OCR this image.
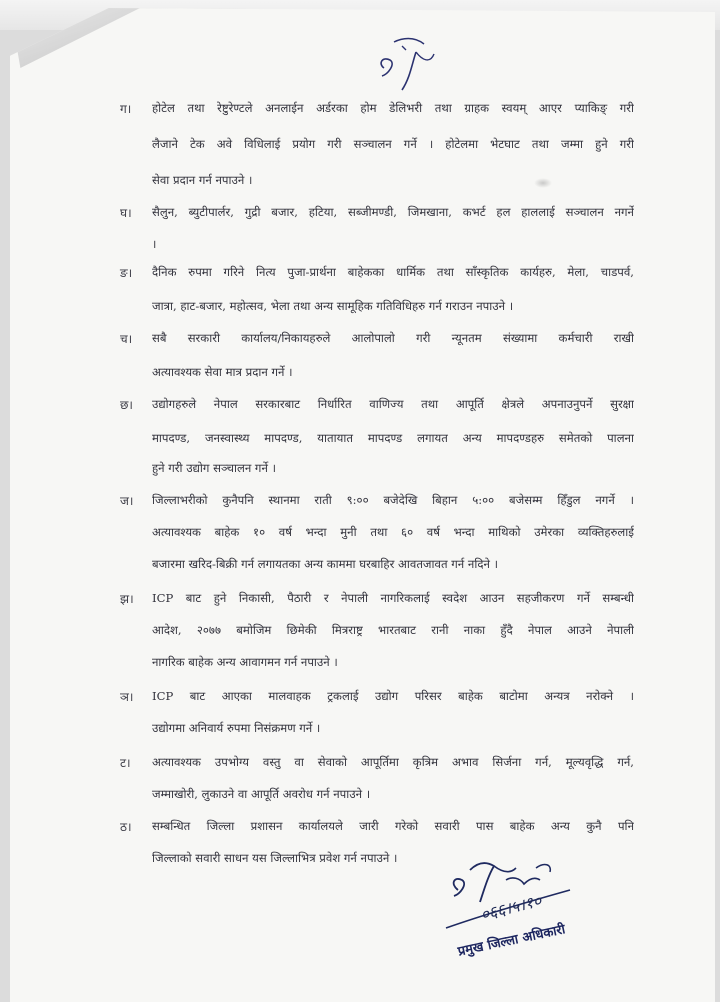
ग। होटेल तथा रेष्टुरेण्टले अनलाईन अर्डरका होम डेलिभरी तथा ग्राहक स्वयम् आएर प्याकिङ् गरी
लैजाने टेक अवे विधिलाई प्रयोग गरी सञ्चालन गर्ने । होटेलमा भेटघाट तथा जम्मा हुने गरी
सेवा प्रदान गर्न नपाउने ।
घ। सैलुन, ब्युटीपार्लर, गुद्री बजार, हटिया, सब्जीमण्डी, जिमखाना, कभर्ट हल हाललाई सञ्चालन नगर्ने
।
ङ। दैनिक रुपमा गरिने नित्य पुजा-प्रार्थना बाहेकका धार्मिक तथा साँस्कृतिक कार्यहरु, मेला, चाडपर्व,
जात्रा, हाट-बजार, महोत्सव, भेला तथा अन्य सामूहिक गतिविधिहरु गर्न गराउन नपाउने ।
च। सबै सरकारी कार्यालय/निकायहरुले आलोपालो गरी न्यूनतम संख्यामा कर्मचारी राखी
अत्यावश्यक सेवा मात्र प्रदान गर्ने ।
छ। उद्योगहरुले नेपाल सरकारबाट निर्धारित वाणिज्य तथा आपूर्ति क्षेत्रले अपनाउनुपर्ने सुरक्षा
मापदण्ड, जनस्वास्थ्य मापदण्ड, यातायात मापदण्ड लगायत अन्य मापदण्डहरु समेतको पालना
हुने गरी उद्योग सञ्चालन गर्ने ।
ज। जिल्लाभरीको कुनैपनि स्थानमा राती ९:०० बजेदेखि बिहान ५:०० बजेसम्म हिँडुल नगर्ने ।
अत्यावश्यक बाहेक १० वर्ष भन्दा मुनी तथा ६० वर्ष भन्दा माथिको उमेरका व्यक्तिहरुलाई
बजारमा खरिद-बिक्री गर्न लगायतका अन्य काममा घरबाहिर आवतजावत गर्न नदिने ।
झ। ICP बाट हुने निकासी, पैठारी र नेपाली नागरिकलाई स्वदेश आउन सहजीकरण गर्ने सम्बन्धी
आदेश, २०७७ बमोजिम छिमेकी मित्रराष्ट्र भारतबाट रानी नाका हुँदै नेपाल आउने नेपाली
नागरिक बाहेक अन्य आवागमन गर्न नपाउने ।
ञ। ICP बाट आएका मालवाहक ट्रकलाई उद्योग परिसर बाहेक बाटोमा अन्यत्र नरोक्ने ।
उद्योगमा अनिवार्य रुपमा निसंक्रमण गर्ने ।
ट। अत्यावश्यक उपभोग्य वस्तु वा सेवाको आपूर्तिमा कृत्रिम अभाव सिर्जना गर्न, मूल्यवृद्धि गर्न,
जम्माखोरी, लुकाउने वा आपूर्ति अवरोध गर्न नपाउने ।
ठ। सम्बन्धित जिल्ला प्रशासन कार्यालयले जारी गरेको सवारी पास बाहेक अन्य कुनै पनि
जिल्लाको सवारी साधन यस जिल्लाभित्र प्रवेश गर्न नपाउने ।
०६६।५।१०
प्रमुख जिल्ला अधिकारी
